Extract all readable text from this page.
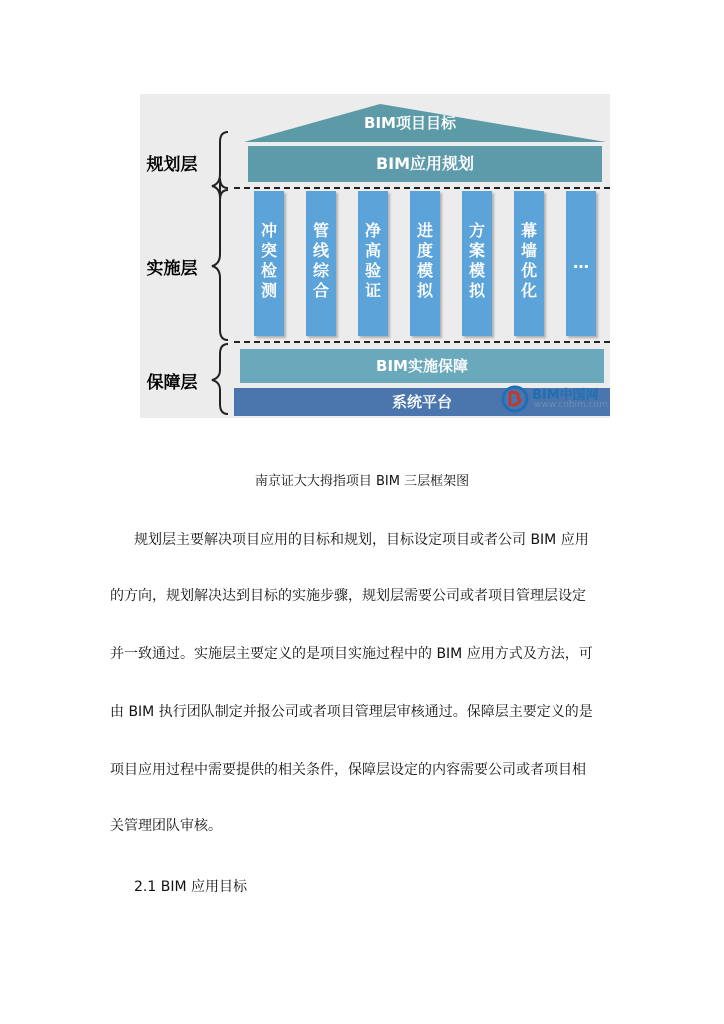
规划层
实施层
保障层
BIM项目目标
BIM应用规划
冲突检测
管线综合
净高验证
进度模拟
方案模拟
幕墙优化
…
BIM实施保障
系统平台	BIM中国网
www.cnbim.com
南京证大大拇指项目 BIM 三层框架图
规划层主要解决项目应用的目标和规划，目标设定项目或者公司 BIM 应用
的方向，规划解决达到目标的实施步骤，规划层需要公司或者项目管理层设定
并一致通过。实施层主要定义的是项目实施过程中的 BIM 应用方式及方法，可
由 BIM 执行团队制定并报公司或者项目管理层审核通过。保障层主要定义的是
项目应用过程中需要提供的相关条件，保障层设定的内容需要公司或者项目相
关管理团队审核。
2.1 BIM 应用目标
